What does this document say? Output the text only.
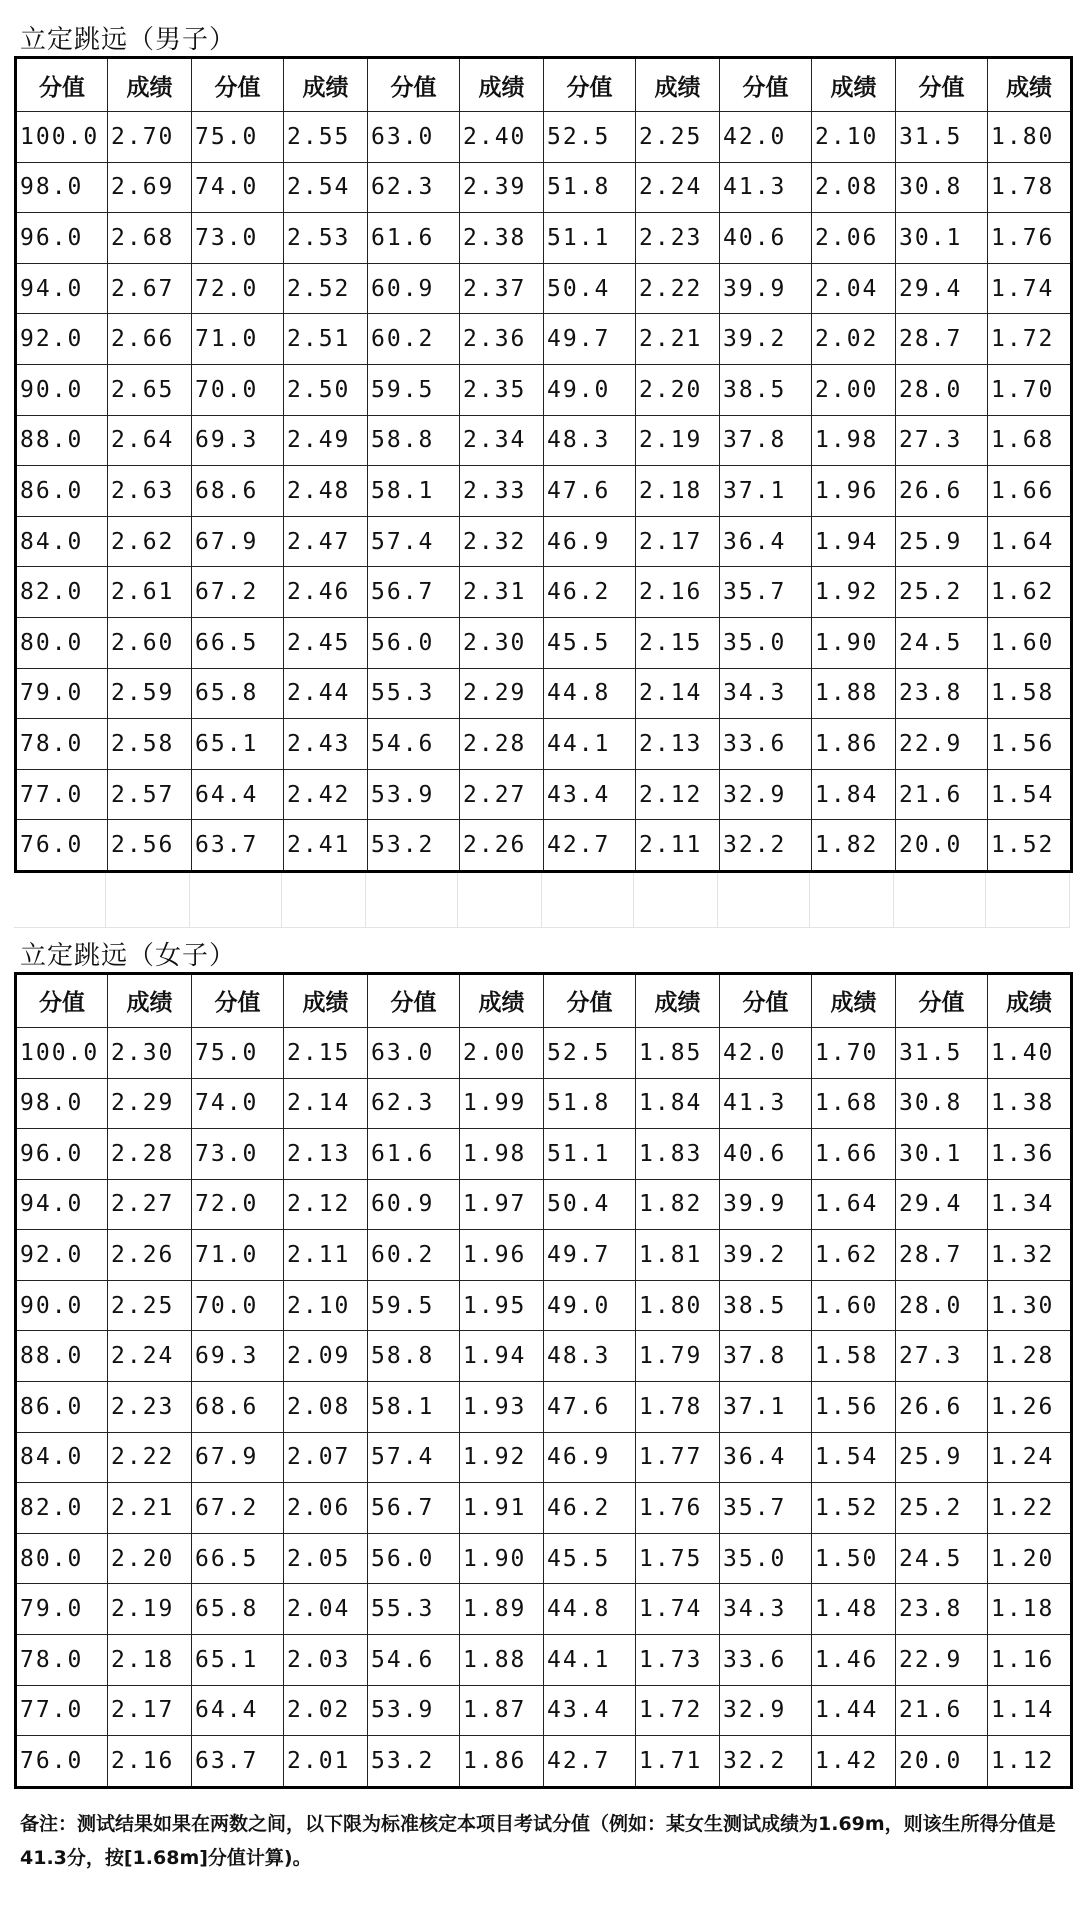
立定跳远（男子）
分值	成绩	分值	成绩	分值	成绩	分值	成绩	分值	成绩	分值	成绩
100.0	2.70	75.0	2.55	63.0	2.40	52.5	2.25	42.0	2.10	31.5	1.80
98.0	2.69	74.0	2.54	62.3	2.39	51.8	2.24	41.3	2.08	30.8	1.78
96.0	2.68	73.0	2.53	61.6	2.38	51.1	2.23	40.6	2.06	30.1	1.76
94.0	2.67	72.0	2.52	60.9	2.37	50.4	2.22	39.9	2.04	29.4	1.74
92.0	2.66	71.0	2.51	60.2	2.36	49.7	2.21	39.2	2.02	28.7	1.72
90.0	2.65	70.0	2.50	59.5	2.35	49.0	2.20	38.5	2.00	28.0	1.70
88.0	2.64	69.3	2.49	58.8	2.34	48.3	2.19	37.8	1.98	27.3	1.68
86.0	2.63	68.6	2.48	58.1	2.33	47.6	2.18	37.1	1.96	26.6	1.66
84.0	2.62	67.9	2.47	57.4	2.32	46.9	2.17	36.4	1.94	25.9	1.64
82.0	2.61	67.2	2.46	56.7	2.31	46.2	2.16	35.7	1.92	25.2	1.62
80.0	2.60	66.5	2.45	56.0	2.30	45.5	2.15	35.0	1.90	24.5	1.60
79.0	2.59	65.8	2.44	55.3	2.29	44.8	2.14	34.3	1.88	23.8	1.58
78.0	2.58	65.1	2.43	54.6	2.28	44.1	2.13	33.6	1.86	22.9	1.56
77.0	2.57	64.4	2.42	53.9	2.27	43.4	2.12	32.9	1.84	21.6	1.54
76.0	2.56	63.7	2.41	53.2	2.26	42.7	2.11	32.2	1.82	20.0	1.52
立定跳远（女子）
分值	成绩	分值	成绩	分值	成绩	分值	成绩	分值	成绩	分值	成绩
100.0	2.30	75.0	2.15	63.0	2.00	52.5	1.85	42.0	1.70	31.5	1.40
98.0	2.29	74.0	2.14	62.3	1.99	51.8	1.84	41.3	1.68	30.8	1.38
96.0	2.28	73.0	2.13	61.6	1.98	51.1	1.83	40.6	1.66	30.1	1.36
94.0	2.27	72.0	2.12	60.9	1.97	50.4	1.82	39.9	1.64	29.4	1.34
92.0	2.26	71.0	2.11	60.2	1.96	49.7	1.81	39.2	1.62	28.7	1.32
90.0	2.25	70.0	2.10	59.5	1.95	49.0	1.80	38.5	1.60	28.0	1.30
88.0	2.24	69.3	2.09	58.8	1.94	48.3	1.79	37.8	1.58	27.3	1.28
86.0	2.23	68.6	2.08	58.1	1.93	47.6	1.78	37.1	1.56	26.6	1.26
84.0	2.22	67.9	2.07	57.4	1.92	46.9	1.77	36.4	1.54	25.9	1.24
82.0	2.21	67.2	2.06	56.7	1.91	46.2	1.76	35.7	1.52	25.2	1.22
80.0	2.20	66.5	2.05	56.0	1.90	45.5	1.75	35.0	1.50	24.5	1.20
79.0	2.19	65.8	2.04	55.3	1.89	44.8	1.74	34.3	1.48	23.8	1.18
78.0	2.18	65.1	2.03	54.6	1.88	44.1	1.73	33.6	1.46	22.9	1.16
77.0	2.17	64.4	2.02	53.9	1.87	43.4	1.72	32.9	1.44	21.6	1.14
76.0	2.16	63.7	2.01	53.2	1.86	42.7	1.71	32.2	1.42	20.0	1.12
备注：测试结果如果在两数之间，以下限为标准核定本项目考试分值（例如：某女生测试成绩为1.69m，则该生所得分值是41.3分，按[1.68m]分值计算)。
